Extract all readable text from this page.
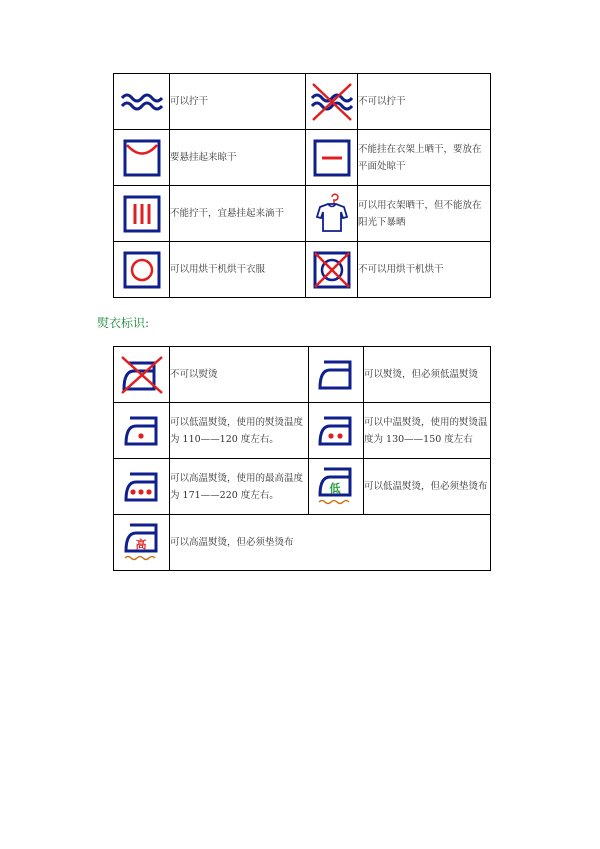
	可以拧干		不可以拧干

	要悬挂起来晾干		不能挂在衣架上晒干，要放在平面处晾干

	不能拧干，宜悬挂起来滴干		可以用衣架晒干，但不能放在阳光下暴晒

	可以用烘干机烘干衣服		不可以用烘干机烘干
熨衣标识:
	不可以熨烫		可以熨烫，但必须低温熨烫

	可以低温熨烫，使用的熨烫温度为 110——120 度左右。		可以中温熨烫，使用的熨烫温度为 130——150 度左右

	可以高温熨烫，使用的最高温度为 171——220 度左右。	低	可以低温熨烫，但必须垫烫布

高	可以高温熨烫，但必须垫烫布		
